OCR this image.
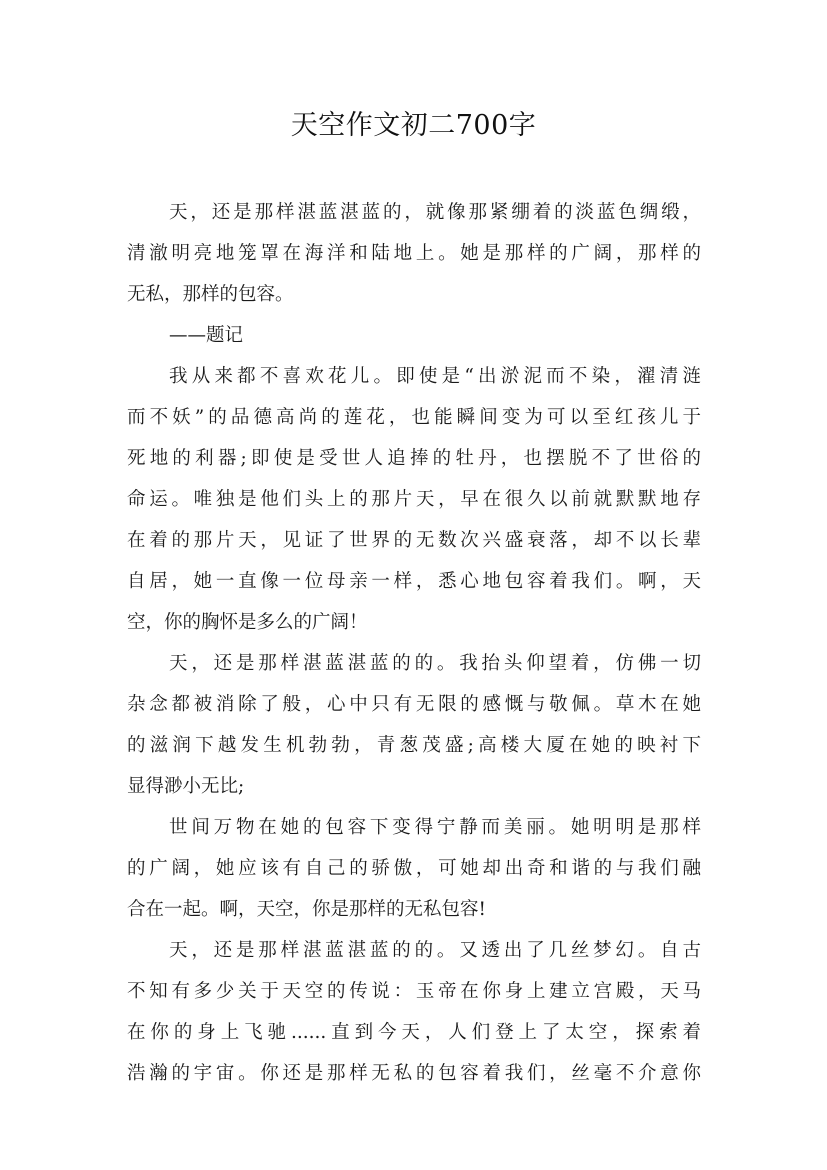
天空作文初二700字
天，还是那样湛蓝湛蓝的，就像那紧绷着的淡蓝色绸缎，
清澈明亮地笼罩在海洋和陆地上。她是那样的广阔，那样的
无私，那样的包容。
——题记
我从来都不喜欢花儿。即使是“出淤泥而不染，濯清涟
而不妖”的品德高尚的莲花，也能瞬间变为可以至红孩儿于
死地的利器;即使是受世人追捧的牡丹，也摆脱不了世俗的
命运。唯独是他们头上的那片天，早在很久以前就默默地存
在着的那片天，见证了世界的无数次兴盛衰落，却不以长辈
自居，她一直像一位母亲一样，悉心地包容着我们。啊，天
空，你的胸怀是多么的广阔！
天，还是那样湛蓝湛蓝的的。我抬头仰望着，仿佛一切
杂念都被消除了般，心中只有无限的感慨与敬佩。草木在她
的滋润下越发生机勃勃，青葱茂盛;高楼大厦在她的映衬下
显得渺小无比;
世间万物在她的包容下变得宁静而美丽。她明明是那样
的广阔，她应该有自己的骄傲，可她却出奇和谐的与我们融
合在一起。啊，天空，你是那样的无私包容!
天，还是那样湛蓝湛蓝的的。又透出了几丝梦幻。自古
不知有多少关于天空的传说：玉帝在你身上建立宫殿，天马
在你的身上飞驰......直到今天，人们登上了太空，探索着
浩瀚的宇宙。你还是那样无私的包容着我们，丝毫不介意你
